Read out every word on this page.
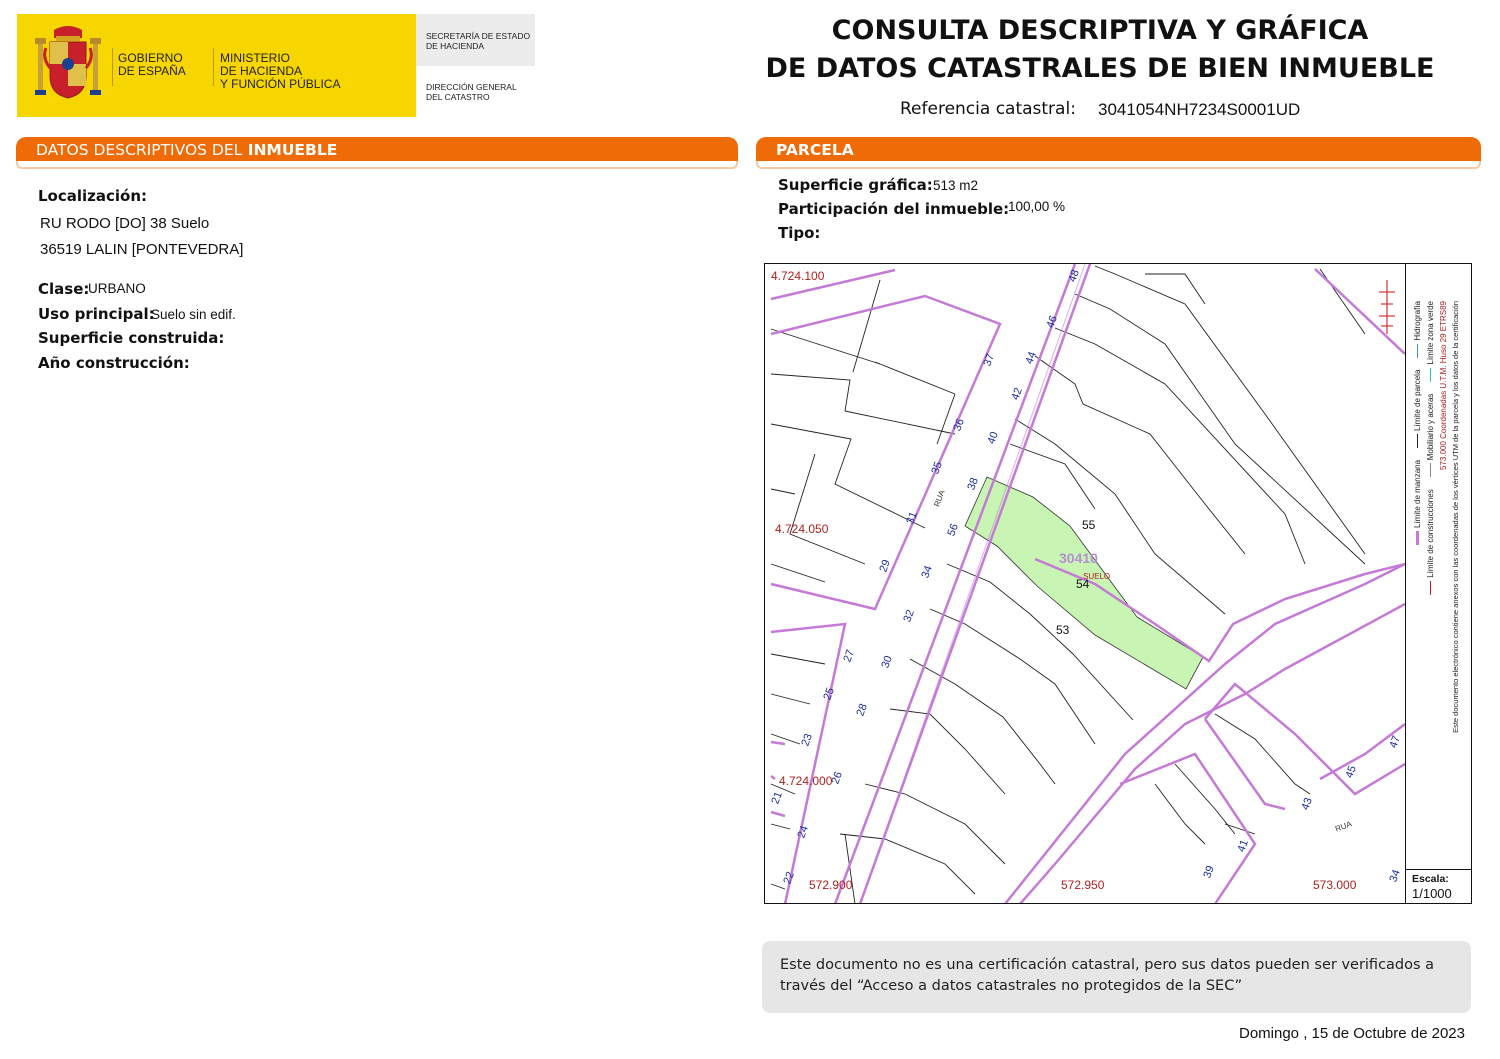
GOBIERNO
DE ESPAÑA
MINISTERIO
DE HACIENDA
Y FUNCIÓN PÚBLICA
SECRETARÍA DE ESTADO
DE HACIENDA
DIRECCIÓN GENERAL
DEL CATASTRO
CONSULTA DESCRIPTIVA Y GRÁFICA
DE DATOS CATASTRALES DE BIEN INMUEBLE
Referencia catastral: 3041054NH7234S0001UD
DATOS DESCRIPTIVOS DEL INMUEBLE
Localización:
RU RODO [DO] 38 Suelo
36519 LALIN [PONTEVEDRA]
Clase:
URBANO
Uso principal:
Suelo sin edif.
Superficie construida:
Año construcción:
PARCELA
Superficie gráfica: 513 m2
Participación del inmueble:
100,00 %
Tipo:
4.724.100
4.724.050
4.724.000
572.900	572.950	573.000
30410
SUELO
55
54
53
RUA
RUA
37
36
35
31
29
27
25
23
21
24
22
48
46
44
42
40
38
56
34
32
30
28
26
47
45
43
41
39	34
Límite de manzana
Límite de parcela
Hidrografía
Límite de construcciones
Mobiliario y aceras
Límite zona verde 573.000 Coordenadas U.T.M. Huso 29 ETRS89 Este documento electrónico contiene anexos con las coordenadas de los vértices UTM de la parcela y los datos de la certificación
Escala:
1/1000
Este documento no es una certificación catastral, pero sus datos pueden ser verificados a
través del “Acceso a datos catastrales no protegidos de la SEC”
Domingo , 15 de Octubre de 2023
